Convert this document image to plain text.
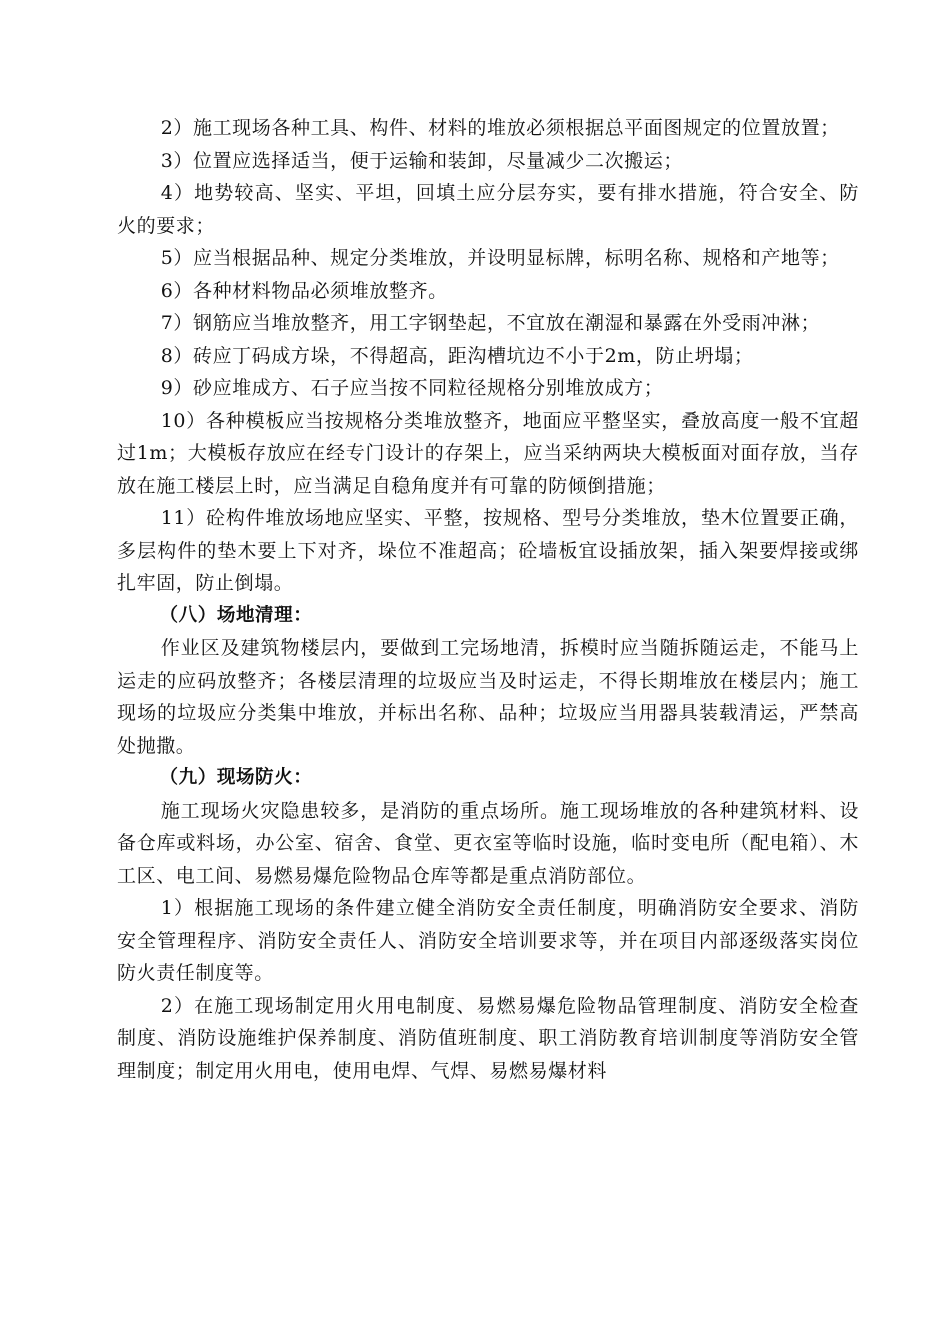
2）施工现场各种工具、构件、材料的堆放必须根据总平面图规定的位置放置；

3）位置应选择适当，便于运输和装卸，尽量减少二次搬运；

4）地势较高、坚实、平坦，回填土应分层夯实，要有排水措施，符合安全、防火的要求；

5）应当根据品种、规定分类堆放，并设明显标牌，标明名称、规格和产地等；

6）各种材料物品必须堆放整齐。

7）钢筋应当堆放整齐，用工字钢垫起，不宜放在潮湿和暴露在外受雨冲淋；

8）砖应丁码成方垛，不得超高，距沟槽坑边不小于2m，防止坍塌；

9）砂应堆成方、石子应当按不同粒径规格分别堆放成方；

10）各种模板应当按规格分类堆放整齐，地面应平整坚实，叠放高度一般不宜超过1m；大模板存放应在经专门设计的存架上，应当采纳两块大模板面对面存放，当存放在施工楼层上时，应当满足自稳角度并有可靠的防倾倒措施；

11）砼构件堆放场地应坚实、平整，按规格、型号分类堆放，垫木位置要正确，多层构件的垫木要上下对齐，垛位不准超高；砼墙板宜设插放架，插入架要焊接或绑扎牢固，防止倒塌。

（八）场地清理：

作业区及建筑物楼层内，要做到工完场地清，拆模时应当随拆随运走，不能马上运走的应码放整齐；各楼层清理的垃圾应当及时运走，不得长期堆放在楼层内；施工现场的垃圾应分类集中堆放，并标出名称、品种；垃圾应当用器具装载清运，严禁高处抛撒。

（九）现场防火：

施工现场火灾隐患较多，是消防的重点场所。施工现场堆放的各种建筑材料、设备仓库或料场，办公室、宿舍、食堂、更衣室等临时设施，临时变电所（配电箱）、木工区、电工间、易燃易爆危险物品仓库等都是重点消防部位。

1）根据施工现场的条件建立健全消防安全责任制度，明确消防安全要求、消防安全管理程序、消防安全责任人、消防安全培训要求等，并在项目内部逐级落实岗位防火责任制度等。

2）在施工现场制定用火用电制度、易燃易爆危险物品管理制度、消防安全检查制度、消防设施维护保养制度、消防值班制度、职工消防教育培训制度等消防安全管理制度；制定用火用电，使用电焊、气焊、易燃易爆材料
